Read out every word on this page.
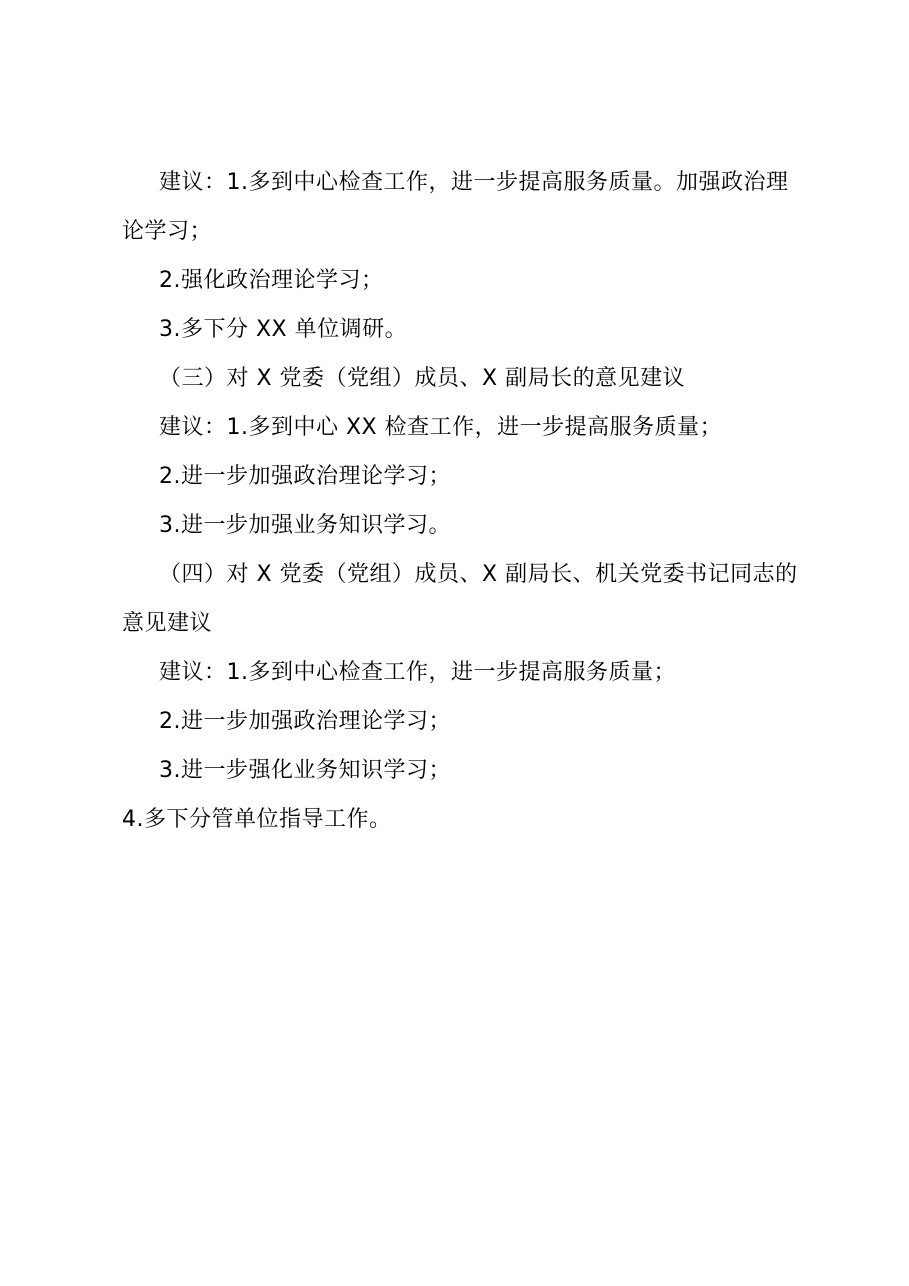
建议：1.多到中心检查工作，进一步提高服务质量。加强政治理论学习；

2.强化政治理论学习；

3.多下分 XX 单位调研。

（三）对 X 党委（党组）成员、X 副局长的意见建议

建议：1.多到中心 XX 检查工作，进一步提高服务质量；

2.进一步加强政治理论学习；

3.进一步加强业务知识学习。

（四）对 X 党委（党组）成员、X 副局长、机关党委书记同志的意见建议

建议：1.多到中心检查工作，进一步提高服务质量；

2.进一步加强政治理论学习；

3.进一步强化业务知识学习；

4.多下分管单位指导工作。
